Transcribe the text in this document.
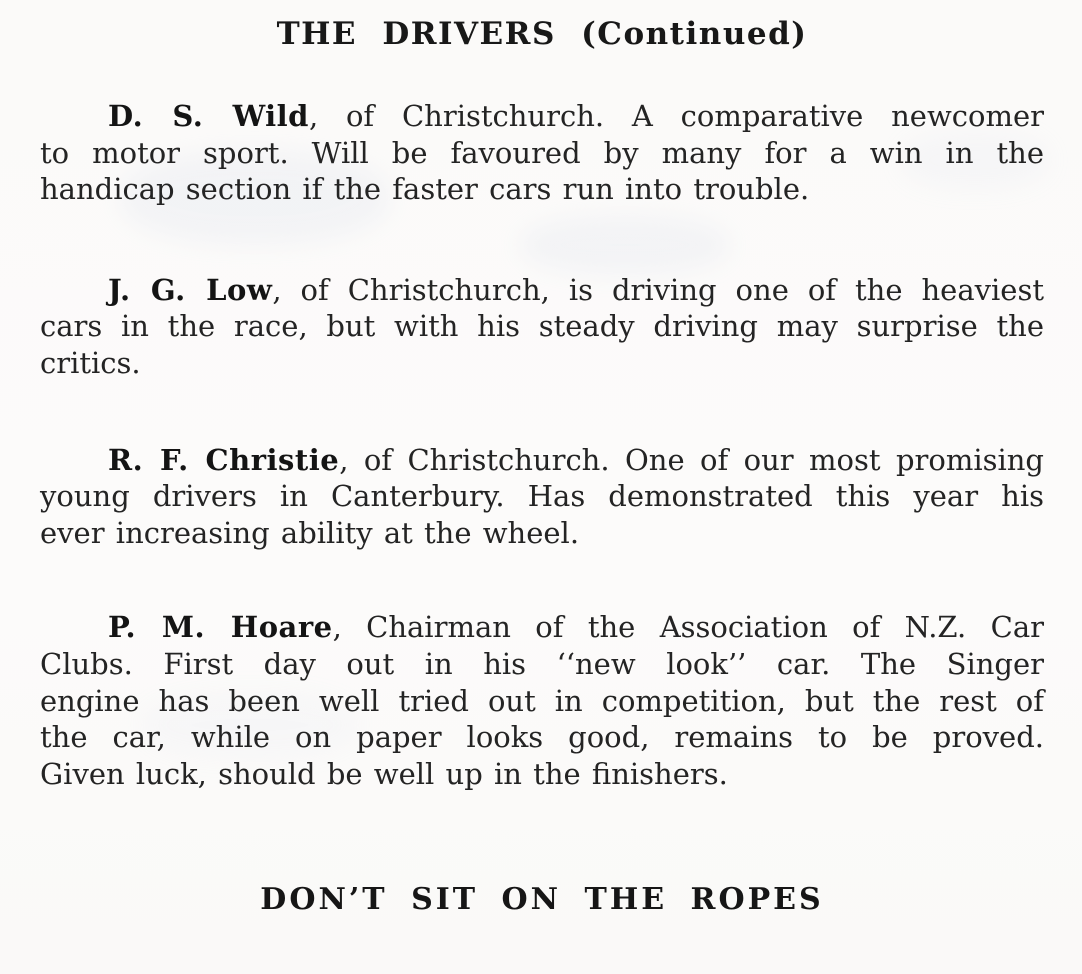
THE DRIVERS (Continued)
D. S. Wild, of Christchurch. A comparative newcomer
to motor sport. Will be favoured by many for a win in the
handicap section if the faster cars run into trouble.
J. G. Low, of Christchurch, is driving one of the heaviest
cars in the race, but with his steady driving may surprise the
critics.
R. F. Christie, of Christchurch. One of our most promising
young drivers in Canterbury. Has demonstrated this year his
ever increasing ability at the wheel.
P. M. Hoare, Chairman of the Association of N.Z. Car
Clubs. First day out in his ‘‘new look’’ car. The Singer
engine has been well tried out in competition, but the rest of
the car, while on paper looks good, remains to be proved.
Given luck, should be well up in the finishers.
DON’T SIT ON THE ROPES
